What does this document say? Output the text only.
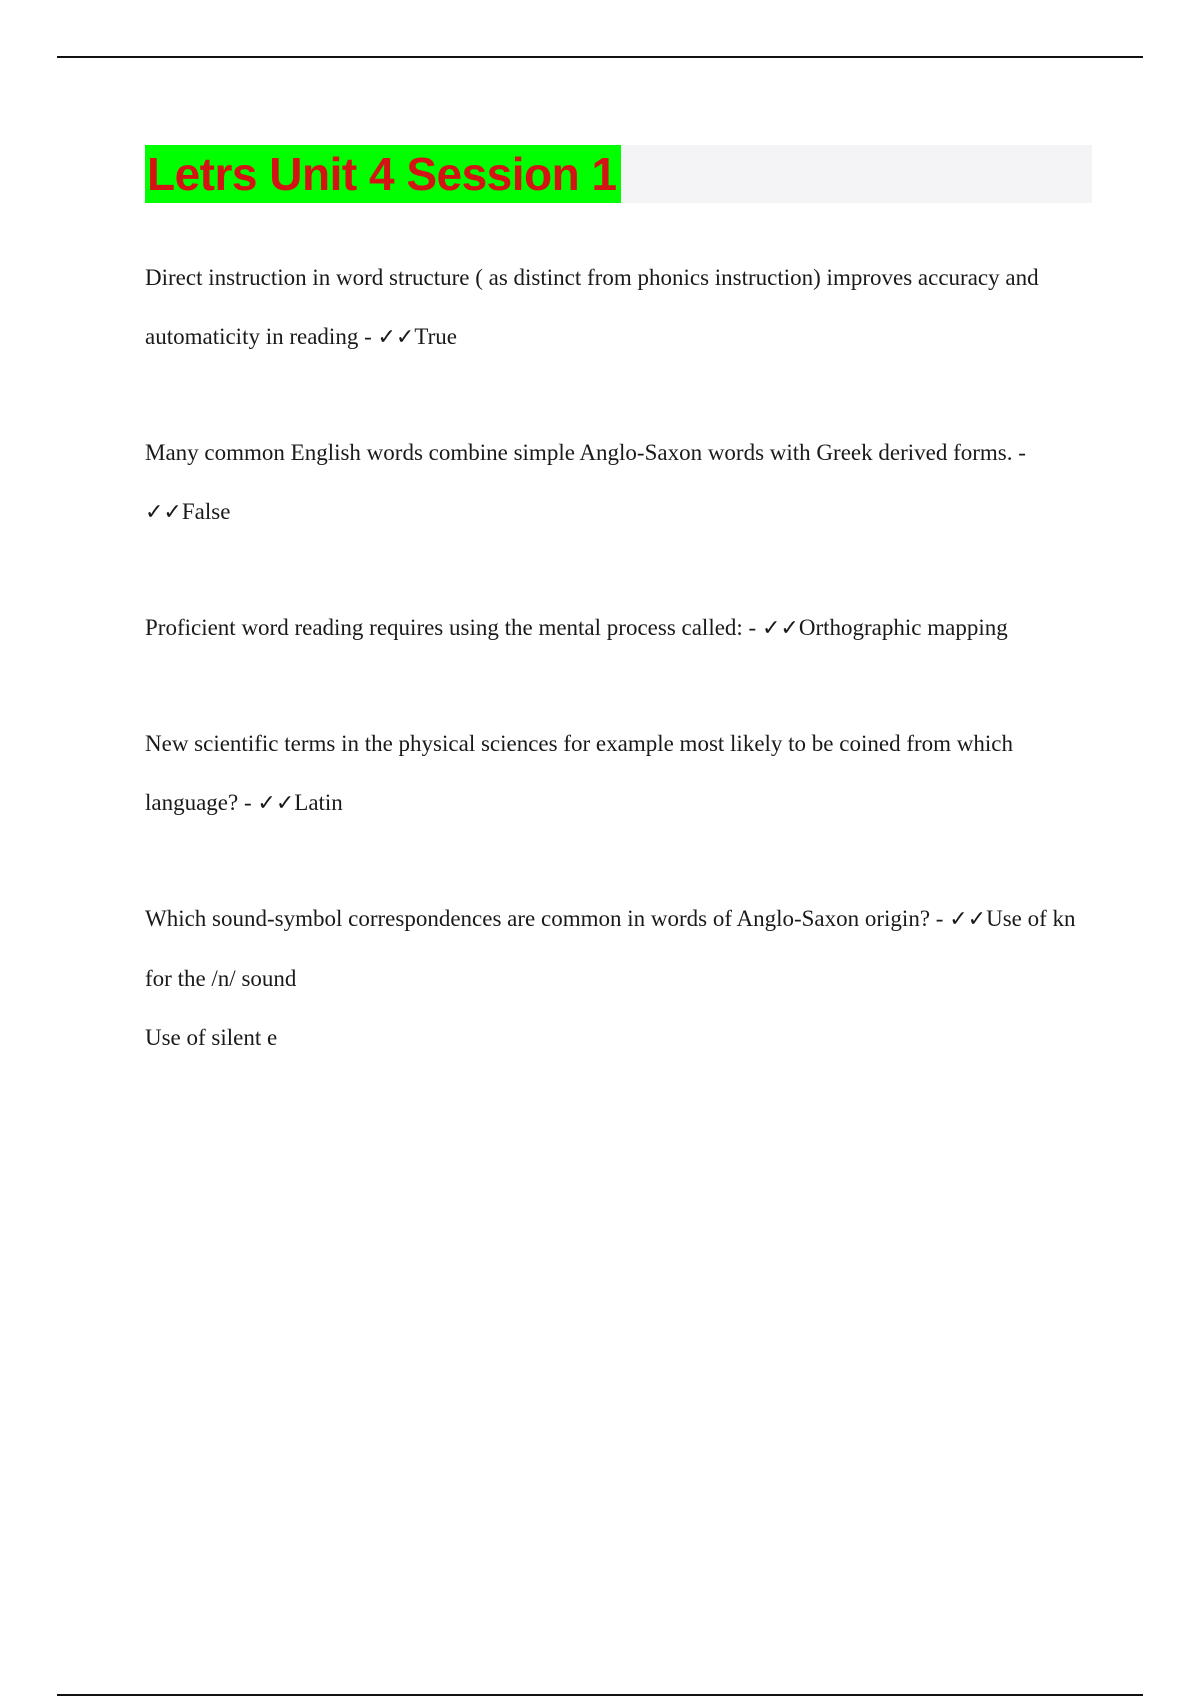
Letrs Unit 4 Session 1

Direct instruction in word structure ( as distinct from phonics instruction) improves accuracy and automaticity in reading - ✓✓True

Many common English words combine simple Anglo-Saxon words with Greek derived forms. -
✓✓False

Proficient word reading requires using the mental process called: - ✓✓Orthographic mapping

New scientific terms in the physical sciences for example most likely to be coined from which language? - ✓✓Latin

Which sound-symbol correspondences are common in words of Anglo-Saxon origin? - ✓✓Use of kn for the /n/ sound
Use of silent e
